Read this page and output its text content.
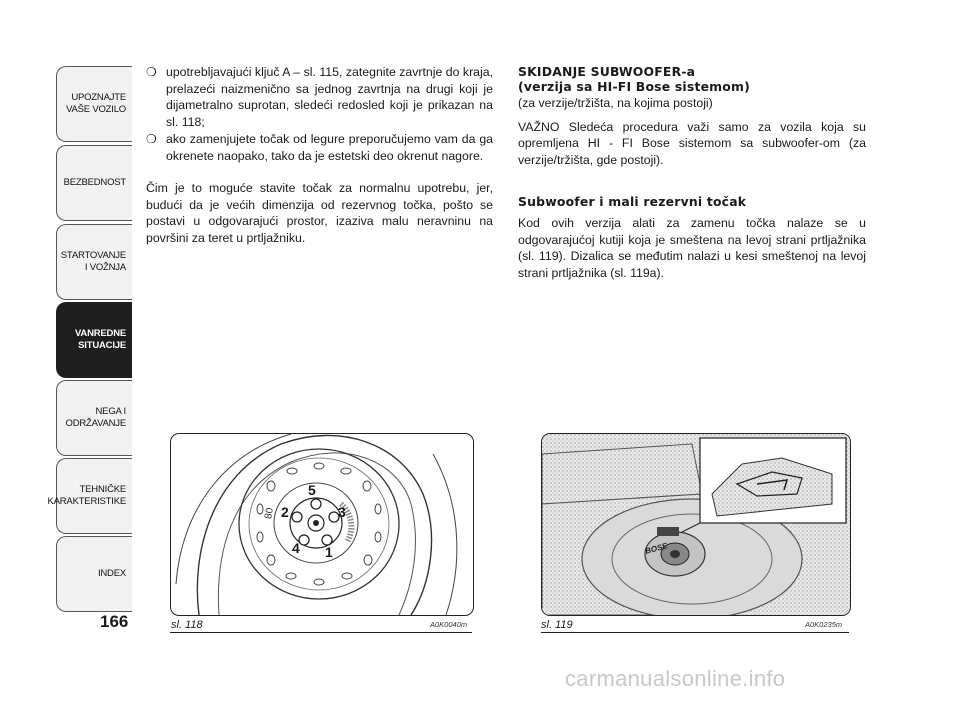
UPOZNAJTE
VAŠE VOZILO
BEZBEDNOST
STARTOVANJE
I VOŽNJA
VANREDNE
SITUACIJE
NEGA I
ODRŽAVANJE
TEHNIČKE
KARAKTERISTIKE
INDEX
166
❍ upotrebljavajući ključ A – sl. 115, zategnite zavrtnje do kraja, prelazeći naizmenično sa jednog zavrtnja na drugi koji je dijametralno suprotan, sledeći redosled koji je prikazan na sl. 118;
❍ ako zamenjujete točak od legure preporučujemo vam da ga okrenete naopako, tako da je estetski deo okrenut nagore.

Čim je to moguće stavite točak za normalnu upotrebu, jer, budući da je većih dimenzija od rezervnog točka, pošto se postavi u odgovarajući prostor, izaziva malu neravninu na površini za teret u prtljažniku.

SKIDANJE SUBWOOFER-a
(verzija sa HI-FI Bose sistemom)

(za verzije/tržišta, na kojima postoji)

VAŽNO Sledeća procedura važi samo za vozila koja su opremljena HI - FI Bose sistemom sa subwoofer-om (za verzije/tržišta, gde postoji).

Subwoofer i mali rezervni točak

Kod ovih verzija alati za zamenu točka nalaze se u odgovarajućoj kutiji koja je smeštena na levoj strani prtljažnika (sl. 119). Dizalica se međutim nalazi u kesi smeštenoj na levoj strani prtljažnika (sl. 119a).

5
3
1
4
2
80
sl. 118	A0K0040m
BOSE
sl. 119	A0K0235m
carmanualsonline.info
